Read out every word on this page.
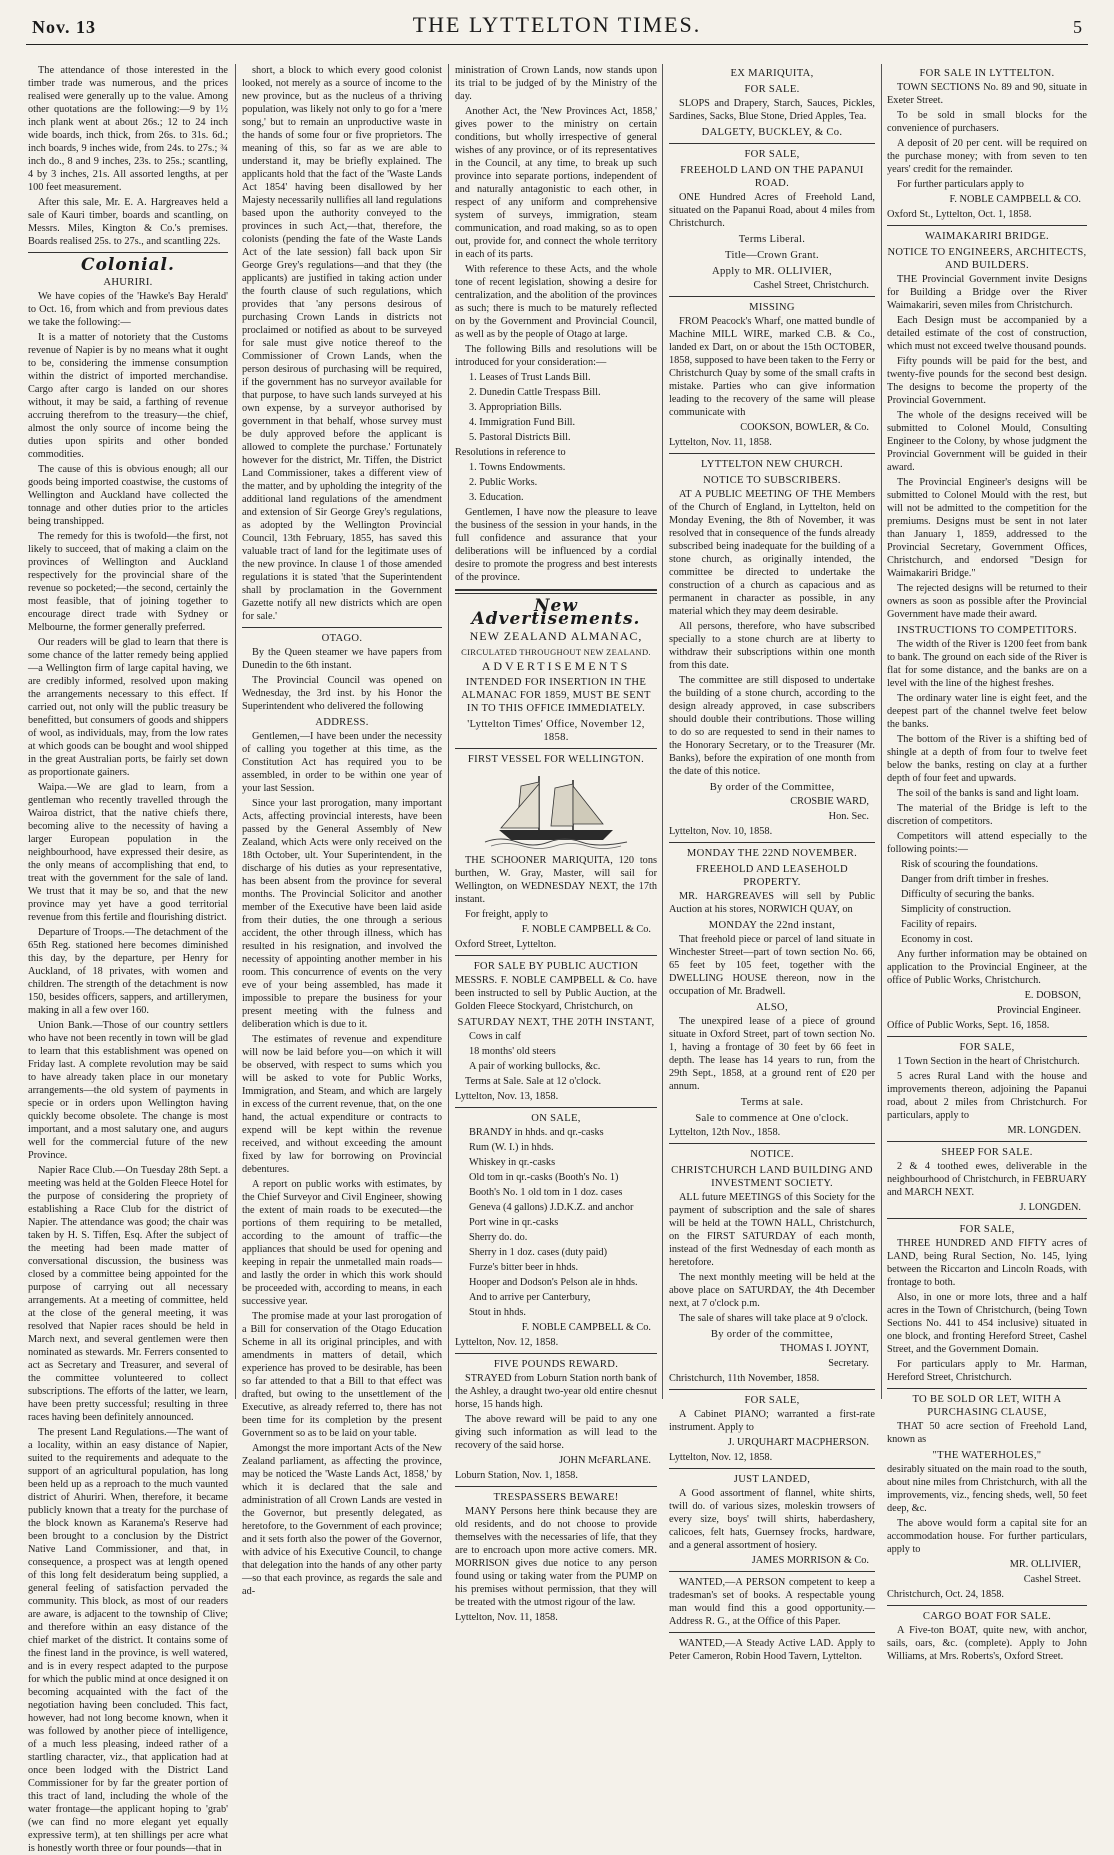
Nov. 13	THE LYTTELTON TIMES.	5

The attendance of those interested in the timber trade was numerous, and the prices realised were generally up to the value. Among other quotations are the following:—9 by 1½ inch plank went at about 26s.; 12 to 24 inch wide boards, inch thick, from 26s. to 31s. 6d.; inch boards, 9 inches wide, from 24s. to 27s.; ¾ inch do., 8 and 9 inches, 23s. to 25s.; scantling, 4 by 3 inches, 21s. All assorted lengths, at per 100 feet measurement.

After this sale, Mr. E. A. Hargreaves held a sale of Kauri timber, boards and scantling, on Messrs. Miles, Kington & Co.'s premises. Boards realised 25s. to 27s., and scantling 22s.

Colonial.

AHURIRI.

We have copies of the 'Hawke's Bay Herald' to Oct. 16, from which and from previous dates we take the following:—

It is a matter of notoriety that the Customs revenue of Napier is by no means what it ought to be, considering the immense consumption within the district of imported merchandise. Cargo after cargo is landed on our shores without, it may be said, a farthing of revenue accruing therefrom to the treasury—the chief, almost the only source of income being the duties upon spirits and other bonded commodities.

The cause of this is obvious enough; all our goods being imported coastwise, the customs of Wellington and Auckland have collected the tonnage and other duties prior to the articles being transhipped.

The remedy for this is twofold—the first, not likely to succeed, that of making a claim on the provinces of Wellington and Auckland respectively for the provincial share of the revenue so pocketed;—the second, certainly the most feasible, that of joining together to encourage direct trade with Sydney or Melbourne, the former generally preferred.

Our readers will be glad to learn that there is some chance of the latter remedy being applied—a Wellington firm of large capital having, we are credibly informed, resolved upon making the arrangements necessary to this effect. If carried out, not only will the public treasury be benefitted, but consumers of goods and shippers of wool, as individuals, may, from the low rates at which goods can be bought and wool shipped in the great Australian ports, be fairly set down as proportionate gainers.

Waipa.—We are glad to learn, from a gentleman who recently travelled through the Wairoa district, that the native chiefs there, becoming alive to the necessity of having a larger European population in the neighbourhood, have expressed their desire, as the only means of accomplishing that end, to treat with the government for the sale of land. We trust that it may be so, and that the new province may yet have a good territorial revenue from this fertile and flourishing district.

Departure of Troops.—The detachment of the 65th Reg. stationed here becomes diminished this day, by the departure, per Henry for Auckland, of 18 privates, with women and children. The strength of the detachment is now 150, besides officers, sappers, and artillerymen, making in all a few over 160.

Union Bank.—Those of our country settlers who have not been recently in town will be glad to learn that this establishment was opened on Friday last. A complete revolution may be said to have already taken place in our monetary arrangements—the old system of payments in specie or in orders upon Wellington having quickly become obsolete. The change is most important, and a most salutary one, and augurs well for the commercial future of the new Province.

Napier Race Club.—On Tuesday 28th Sept. a meeting was held at the Golden Fleece Hotel for the purpose of considering the propriety of establishing a Race Club for the district of Napier. The attendance was good; the chair was taken by H. S. Tiffen, Esq. After the subject of the meeting had been made matter of conversational discussion, the business was closed by a committee being appointed for the purpose of carrying out all necessary arrangements. At a meeting of committee, held at the close of the general meeting, it was resolved that Napier races should be held in March next, and several gentlemen were then nominated as stewards. Mr. Ferrers consented to act as Secretary and Treasurer, and several of the committee volunteered to collect subscriptions. The efforts of the latter, we learn, have been pretty successful; resulting in three races having been definitely announced.

The present Land Regulations.—The want of a locality, within an easy distance of Napier, suited to the requirements and adequate to the support of an agricultural population, has long been held up as a reproach to the much vaunted district of Ahuriri. When, therefore, it became publicly known that a treaty for the purchase of the block known as Karanema's Reserve had been brought to a conclusion by the District Native Land Commissioner, and that, in consequence, a prospect was at length opened of this long felt desideratum being supplied, a general feeling of satisfaction pervaded the community. This block, as most of our readers are aware, is adjacent to the township of Clive; and therefore within an easy distance of the chief market of the district. It contains some of the finest land in the province, is well watered, and is in every respect adapted to the purpose for which the public mind at once designed it on becoming acquainted with the fact of the negotiation having been concluded. This fact, however, had not long become known, when it was followed by another piece of intelligence, of a much less pleasing, indeed rather of a startling character, viz., that application had at once been lodged with the District Land Commissioner for by far the greater portion of this tract of land, including the whole of the water frontage—the applicant hoping to 'grab' (we can find no more elegant yet equally expressive term), at ten shillings per acre what is honestly worth three or four pounds—that in

short, a block to which every good colonist looked, not merely as a source of income to the new province, but as the nucleus of a thriving population, was likely not only to go for a 'mere song,' but to remain an unproductive waste in the hands of some four or five proprietors. The meaning of this, so far as we are able to understand it, may be briefly explained. The applicants hold that the fact of the 'Waste Lands Act 1854' having been disallowed by her Majesty necessarily nullifies all land regulations based upon the authority conveyed to the provinces in such Act,—that, therefore, the colonists (pending the fate of the Waste Lands Act of the late session) fall back upon Sir George Grey's regulations—and that they (the applicants) are justified in taking action under the fourth clause of such regulations, which provides that 'any persons desirous of purchasing Crown Lands in districts not proclaimed or notified as about to be surveyed for sale must give notice thereof to the Commissioner of Crown Lands, when the person desirous of purchasing will be required, if the government has no surveyor available for that purpose, to have such lands surveyed at his own expense, by a surveyor authorised by government in that behalf, whose survey must be duly approved before the applicant is allowed to complete the purchase.' Fortunately however for the district, Mr. Tiffen, the District Land Commissioner, takes a different view of the matter, and by upholding the integrity of the additional land regulations of the amendment and extension of Sir George Grey's regulations, as adopted by the Wellington Provincial Council, 13th February, 1855, has saved this valuable tract of land for the legitimate uses of the new province. In clause 1 of those amended regulations it is stated 'that the Superintendent shall by proclamation in the Government Gazette notify all new districts which are open for sale.'

OTAGO.

By the Queen steamer we have papers from Dunedin to the 6th instant.

The Provincial Council was opened on Wednesday, the 3rd inst. by his Honor the Superintendent who delivered the following

ADDRESS.

Gentlemen,—I have been under the necessity of calling you together at this time, as the Constitution Act has required you to be assembled, in order to be within one year of your last Session.

Since your last prorogation, many important Acts, affecting provincial interests, have been passed by the General Assembly of New Zealand, which Acts were only received on the 18th October, ult. Your Superintendent, in the discharge of his duties as your representative, has been absent from the province for several months. The Provincial Solicitor and another member of the Executive have been laid aside from their duties, the one through a serious accident, the other through illness, which has resulted in his resignation, and involved the necessity of appointing another member in his room. This concurrence of events on the very eve of your being assembled, has made it impossible to prepare the business for your present meeting with the fulness and deliberation which is due to it.

The estimates of revenue and expenditure will now be laid before you—on which it will be observed, with respect to sums which you will be asked to vote for Public Works, Immigration, and Steam, and which are largely in excess of the current revenue, that, on the one hand, the actual expenditure or contracts to expend will be kept within the revenue received, and without exceeding the amount fixed by law for borrowing on Provincial debentures.

A report on public works with estimates, by the Chief Surveyor and Civil Engineer, showing the extent of main roads to be executed—the portions of them requiring to be metalled, according to the amount of traffic—the appliances that should be used for opening and keeping in repair the unmetalled main roads—and lastly the order in which this work should be proceeded with, according to means, in each successive year.

The promise made at your last prorogation of a Bill for conservation of the Otago Education Scheme in all its original principles, and with amendments in matters of detail, which experience has proved to be desirable, has been so far attended to that a Bill to that effect was drafted, but owing to the unsettlement of the Executive, as already referred to, there has not been time for its completion by the present Government so as to be laid on your table.

Amongst the more important Acts of the New Zealand parliament, as affecting the province, may be noticed the 'Waste Lands Act, 1858,' by which it is declared that the sale and administration of all Crown Lands are vested in the Governor, but presently delegated, as heretofore, to the Government of each province; and it sets forth also the power of the Governor, with advice of his Executive Council, to change that delegation into the hands of any other party—so that each province, as regards the sale and ad-

ministration of Crown Lands, now stands upon its trial to be judged of by the Ministry of the day.

Another Act, the 'New Provinces Act, 1858,' gives power to the ministry on certain conditions, but wholly irrespective of general wishes of any province, or of its representatives in the Council, at any time, to break up such province into separate portions, independent of and naturally antagonistic to each other, in respect of any uniform and comprehensive system of surveys, immigration, steam communication, and road making, so as to open out, provide for, and connect the whole territory in each of its parts.

With reference to these Acts, and the whole tone of recent legislation, showing a desire for centralization, and the abolition of the provinces as such; there is much to be maturely reflected on by the Government and Provincial Council, as well as by the people of Otago at large.

The following Bills and resolutions will be introduced for your consideration:—

1. Leases of Trust Lands Bill.

2. Dunedin Cattle Trespass Bill.

3. Appropriation Bills.

4. Immigration Fund Bill.

5. Pastoral Districts Bill.

Resolutions in reference to

1. Towns Endowments.

2. Public Works.

3. Education.

Gentlemen, I have now the pleasure to leave the business of the session in your hands, in the full confidence and assurance that your deliberations will be influenced by a cordial desire to promote the progress and best interests of the province.

New Advertisements.

NEW ZEALAND ALMANAC,

CIRCULATED THROUGHOUT NEW ZEALAND.

ADVERTISEMENTS

INTENDED FOR INSERTION IN THE ALMANAC FOR 1859, MUST BE SENT IN TO THIS OFFICE IMMEDIATELY.

'Lyttelton Times' Office, November 12, 1858.

FIRST VESSEL FOR WELLINGTON.

THE SCHOONER MARIQUITA, 120 tons burthen, W. Gray, Master, will sail for Wellington, on WEDNESDAY NEXT, the 17th instant.

For freight, apply to

F. NOBLE CAMPBELL & Co.

Oxford Street, Lyttelton.

FOR SALE BY PUBLIC AUCTION

MESSRS. F. NOBLE CAMPBELL & Co. have been instructed to sell by Public Auction, at the Golden Fleece Stockyard, Christchurch, on

SATURDAY NEXT, THE 20TH INSTANT,

Cows in calf

18 months' old steers

A pair of working bullocks, &c.

Terms at Sale. Sale at 12 o'clock.

Lyttelton, Nov. 13, 1858.

ON SALE,

BRANDY in hhds. and qr.-casks

Rum (W. I.) in hhds.

Whiskey in qr.-casks

Old tom in qr.-casks (Booth's No. 1)

Booth's No. 1 old tom in 1 doz. cases

Geneva (4 gallons) J.D.K.Z. and anchor

Port wine in qr.-casks

Sherry do. do.

Sherry in 1 doz. cases (duty paid)

Furze's bitter beer in hhds.

Hooper and Dodson's Pelson ale in hhds.

And to arrive per Canterbury,

Stout in hhds.

F. NOBLE CAMPBELL & Co.

Lyttelton, Nov. 12, 1858.

FIVE POUNDS REWARD.

STRAYED from Loburn Station north bank of the Ashley, a draught two-year old entire chesnut horse, 15 hands high.

The above reward will be paid to any one giving such information as will lead to the recovery of the said horse.

JOHN McFARLANE.

Loburn Station, Nov. 1, 1858.

TRESPASSERS BEWARE!

MANY Persons here think because they are old residents, and do not choose to provide themselves with the necessaries of life, that they are to encroach upon more active comers. MR. MORRISON gives due notice to any person found using or taking water from the PUMP on his premises without permission, that they will be treated with the utmost rigour of the law.

Lyttelton, Nov. 11, 1858.

EX MARIQUITA,

FOR SALE.

SLOPS and Drapery, Starch, Sauces, Pickles, Sardines, Sacks, Blue Stone, Dried Apples, Tea.

DALGETY, BUCKLEY, & Co.

FOR SALE,

FREEHOLD LAND ON THE PAPANUI ROAD.

ONE Hundred Acres of Freehold Land, situated on the Papanui Road, about 4 miles from Christchurch.

Terms Liberal.

Title—Crown Grant.

Apply to MR. OLLIVIER,

Cashel Street, Christchurch.

MISSING

FROM Peacock's Wharf, one matted bundle of Machine MILL WIRE, marked C.B. & Co., landed ex Dart, on or about the 15th OCTOBER, 1858, supposed to have been taken to the Ferry or Christchurch Quay by some of the small crafts in mistake. Parties who can give information leading to the recovery of the same will please communicate with

COOKSON, BOWLER, & Co.

Lyttelton, Nov. 11, 1858.

LYTTELTON NEW CHURCH.

NOTICE TO SUBSCRIBERS.

AT A PUBLIC MEETING OF THE Members of the Church of England, in Lyttelton, held on Monday Evening, the 8th of November, it was resolved that in consequence of the funds already subscribed being inadequate for the building of a stone church, as originally intended, the committee be directed to undertake the construction of a church as capacious and as permanent in character as possible, in any material which they may deem desirable.

All persons, therefore, who have subscribed specially to a stone church are at liberty to withdraw their subscriptions within one month from this date.

The committee are still disposed to undertake the building of a stone church, according to the design already approved, in case subscribers should double their contributions. Those willing to do so are requested to send in their names to the Honorary Secretary, or to the Treasurer (Mr. Banks), before the expiration of one month from the date of this notice.

By order of the Committee,

CROSBIE WARD,

Hon. Sec.

Lyttelton, Nov. 10, 1858.

MONDAY THE 22ND NOVEMBER.

FREEHOLD AND LEASEHOLD PROPERTY.

MR. HARGREAVES will sell by Public Auction at his stores, NORWICH QUAY, on

MONDAY the 22nd instant,

That freehold piece or parcel of land situate in Winchester Street—part of town section No. 66, 65 feet by 105 feet, together with the DWELLING HOUSE thereon, now in the occupation of Mr. Bradwell.

ALSO,

The unexpired lease of a piece of ground situate in Oxford Street, part of town section No. 1, having a frontage of 30 feet by 66 feet in depth. The lease has 14 years to run, from the 29th Sept., 1858, at a ground rent of £20 per annum.

Terms at sale.

Sale to commence at One o'clock.

Lyttelton, 12th Nov., 1858.

NOTICE.

CHRISTCHURCH LAND BUILDING AND INVESTMENT SOCIETY.

ALL future MEETINGS of this Society for the payment of subscription and the sale of shares will be held at the TOWN HALL, Christchurch, on the FIRST SATURDAY of each month, instead of the first Wednesday of each month as heretofore.

The next monthly meeting will be held at the above place on SATURDAY, the 4th December next, at 7 o'clock p.m.

The sale of shares will take place at 9 o'clock.

By order of the committee,

THOMAS I. JOYNT,

Secretary.

Christchurch, 11th November, 1858.

FOR SALE,

A Cabinet PIANO; warranted a first-rate instrument. Apply to

J. URQUHART MACPHERSON.

Lyttelton, Nov. 12, 1858.

JUST LANDED,

A Good assortment of flannel, white shirts, twill do. of various sizes, moleskin trowsers of every size, boys' twill shirts, haberdashery, calicoes, felt hats, Guernsey frocks, hardware, and a general assortment of hosiery.

JAMES MORRISON & Co.

WANTED,—A PERSON competent to keep a tradesman's set of books. A respectable young man would find this a good opportunity.—Address R. G., at the Office of this Paper.

WANTED,—A Steady Active LAD. Apply to Peter Cameron, Robin Hood Tavern, Lyttelton.

FOR SALE IN LYTTELTON.

TOWN SECTIONS No. 89 and 90, situate in Exeter Street.

To be sold in small blocks for the convenience of purchasers.

A deposit of 20 per cent. will be required on the purchase money; with from seven to ten years' credit for the remainder.

For further particulars apply to

F. NOBLE CAMPBELL & CO.

Oxford St., Lyttelton, Oct. 1, 1858.

WAIMAKARIRI BRIDGE.

NOTICE TO ENGINEERS, ARCHITECTS, AND BUILDERS.

THE Provincial Government invite Designs for Building a Bridge over the River Waimakariri, seven miles from Christchurch.

Each Design must be accompanied by a detailed estimate of the cost of construction, which must not exceed twelve thousand pounds.

Fifty pounds will be paid for the best, and twenty-five pounds for the second best design. The designs to become the property of the Provincial Government.

The whole of the designs received will be submitted to Colonel Mould, Consulting Engineer to the Colony, by whose judgment the Provincial Government will be guided in their award.

The Provincial Engineer's designs will be submitted to Colonel Mould with the rest, but will not be admitted to the competition for the premiums. Designs must be sent in not later than January 1, 1859, addressed to the Provincial Secretary, Government Offices, Christchurch, and endorsed "Design for Waimakariri Bridge."

The rejected designs will be returned to their owners as soon as possible after the Provincial Government have made their award.

INSTRUCTIONS TO COMPETITORS.

The width of the River is 1200 feet from bank to bank. The ground on each side of the River is flat for some distance, and the banks are on a level with the line of the highest freshes.

The ordinary water line is eight feet, and the deepest part of the channel twelve feet below the banks.

The bottom of the River is a shifting bed of shingle at a depth of from four to twelve feet below the banks, resting on clay at a further depth of four feet and upwards.

The soil of the banks is sand and light loam.

The material of the Bridge is left to the discretion of competitors.

Competitors will attend especially to the following points:—

Risk of scouring the foundations.

Danger from drift timber in freshes.

Difficulty of securing the banks.

Simplicity of construction.

Facility of repairs.

Economy in cost.

Any further information may be obtained on application to the Provincial Engineer, at the office of Public Works, Christchurch.

E. DOBSON,

Provincial Engineer.

Office of Public Works, Sept. 16, 1858.

FOR SALE,

1 Town Section in the heart of Christchurch.

5 acres Rural Land with the house and improvements thereon, adjoining the Papanui road, about 2 miles from Christchurch. For particulars, apply to

MR. LONGDEN.

SHEEP FOR SALE.

2 & 4 toothed ewes, deliverable in the neighbourhood of Christchurch, in FEBRUARY and MARCH NEXT.

J. LONGDEN.

FOR SALE,

THREE HUNDRED AND FIFTY acres of LAND, being Rural Section, No. 145, lying between the Riccarton and Lincoln Roads, with frontage to both.

Also, in one or more lots, three and a half acres in the Town of Christchurch, (being Town Sections No. 441 to 454 inclusive) situated in one block, and fronting Hereford Street, Cashel Street, and the Government Domain.

For particulars apply to Mr. Harman, Hereford Street, Christchurch.

TO BE SOLD OR LET, WITH A PURCHASING CLAUSE,

THAT 50 acre section of Freehold Land, known as

"THE WATERHOLES,"

desirably situated on the main road to the south, about nine miles from Christchurch, with all the improvements, viz., fencing sheds, well, 50 feet deep, &c.

The above would form a capital site for an accommodation house. For further particulars, apply to

MR. OLLIVIER,

Cashel Street.

Christchurch, Oct. 24, 1858.

CARGO BOAT FOR SALE.

A Five-ton BOAT, quite new, with anchor, sails, oars, &c. (complete). Apply to John Williams, at Mrs. Roberts's, Oxford Street.
